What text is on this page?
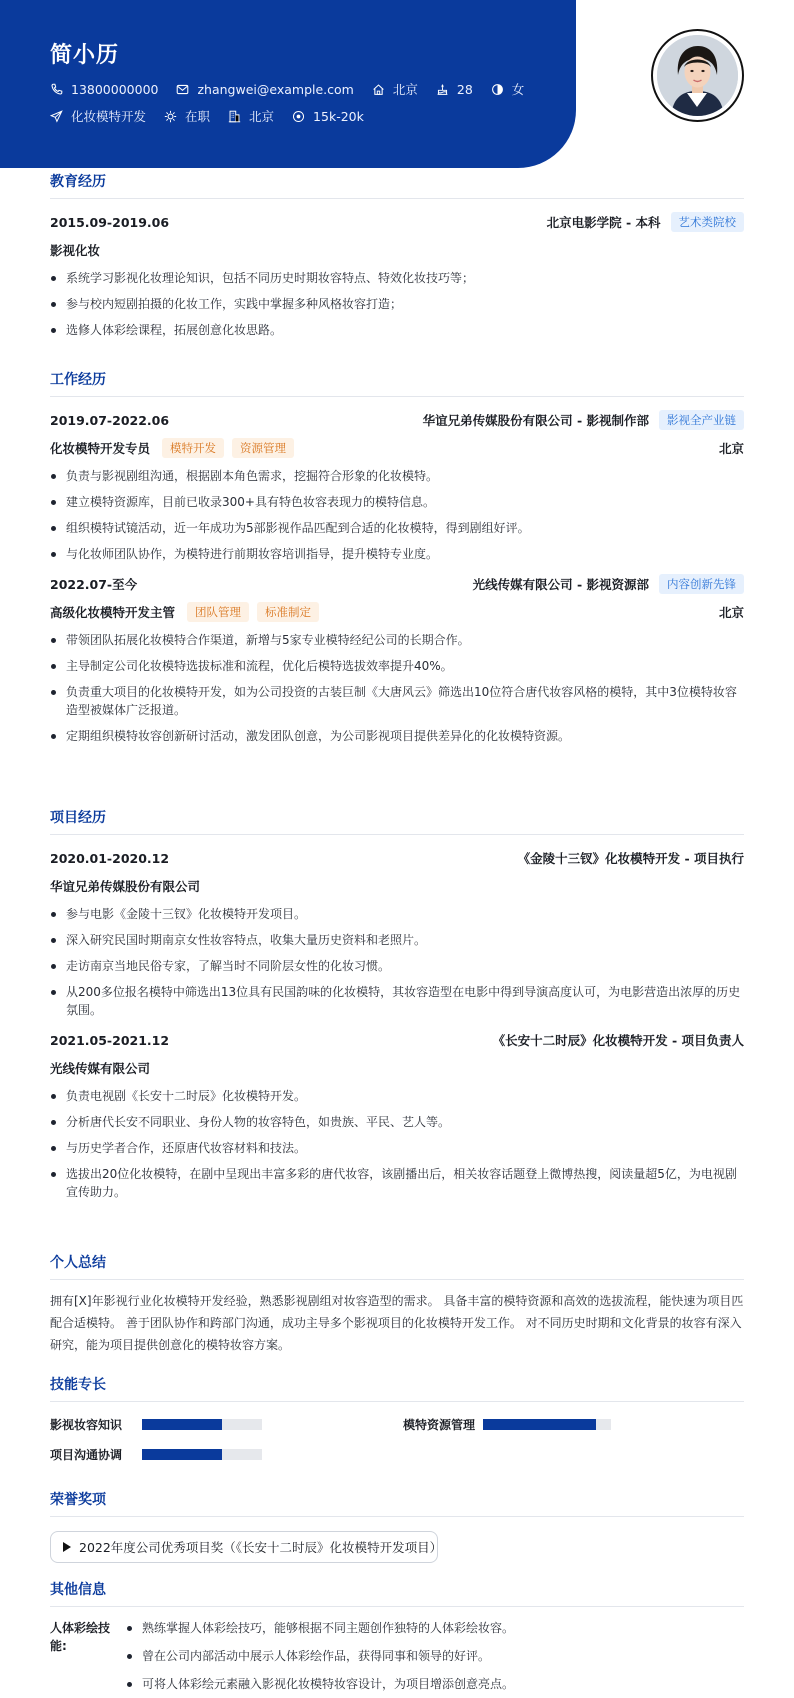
简小历
13800000000	zhangwei@example.com	北京	28	女
化妆模特开发	在职	北京	15k-20k
教育经历
2015.09-2019.06	北京电影学院 - 本科	艺术类院校
影视化妆
系统学习影视化妆理论知识，包括不同历史时期妆容特点、特效化妆技巧等；
参与校内短剧拍摄的化妆工作，实践中掌握多种风格妆容打造；
选修人体彩绘课程，拓展创意化妆思路。
工作经历
2019.07-2022.06	华谊兄弟传媒股份有限公司 - 影视制作部	影视全产业链
化妆模特开发专员	模特开发	资源管理	北京
负责与影视剧组沟通，根据剧本角色需求，挖掘符合形象的化妆模特。
建立模特资源库，目前已收录300+具有特色妆容表现力的模特信息。
组织模特试镜活动，近一年成功为5部影视作品匹配到合适的化妆模特，得到剧组好评。
与化妆师团队协作，为模特进行前期妆容培训指导，提升模特专业度。
2022.07-至今	光线传媒有限公司 - 影视资源部	内容创新先锋
高级化妆模特开发主管	团队管理	标准制定	北京
带领团队拓展化妆模特合作渠道，新增与5家专业模特经纪公司的长期合作。
主导制定公司化妆模特选拔标准和流程，优化后模特选拔效率提升40%。
负责重大项目的化妆模特开发，如为公司投资的古装巨制《大唐风云》筛选出10位符合唐代妆容风格的模特，其中3位模特妆容造型被媒体广泛报道。
定期组织模特妆容创新研讨活动，激发团队创意，为公司影视项目提供差异化的化妆模特资源。
项目经历
2020.01-2020.12	《金陵十三钗》化妆模特开发 - 项目执行
华谊兄弟传媒股份有限公司
参与电影《金陵十三钗》化妆模特开发项目。
深入研究民国时期南京女性妆容特点，收集大量历史资料和老照片。
走访南京当地民俗专家，了解当时不同阶层女性的化妆习惯。
从200多位报名模特中筛选出13位具有民国韵味的化妆模特，其妆容造型在电影中得到导演高度认可，为电影营造出浓厚的历史氛围。
2021.05-2021.12	《长安十二时辰》化妆模特开发 - 项目负责人
光线传媒有限公司
负责电视剧《长安十二时辰》化妆模特开发。
分析唐代长安不同职业、身份人物的妆容特色，如贵族、平民、艺人等。
与历史学者合作，还原唐代妆容材料和技法。
选拔出20位化妆模特，在剧中呈现出丰富多彩的唐代妆容，该剧播出后，相关妆容话题登上微博热搜，阅读量超5亿，为电视剧宣传助力。
个人总结
拥有[X]年影视行业化妆模特开发经验，熟悉影视剧组对妆容造型的需求。 具备丰富的模特资源和高效的选拔流程，能快速为项目匹配合适模特。 善于团队协作和跨部门沟通，成功主导多个影视项目的化妆模特开发工作。 对不同历史时期和文化背景的妆容有深入研究，能为项目提供创意化的模特妆容方案。
技能专长
影视妆容知识	模特资源管理
项目沟通协调
荣誉奖项
2022年度公司优秀项目奖（《长安十二时辰》化妆模特开发项目）
其他信息
人体彩绘技能:
熟练掌握人体彩绘技巧，能够根据不同主题创作独特的人体彩绘妆容。
曾在公司内部活动中展示人体彩绘作品，获得同事和领导的好评。
可将人体彩绘元素融入影视化妆模特妆容设计，为项目增添创意亮点。
